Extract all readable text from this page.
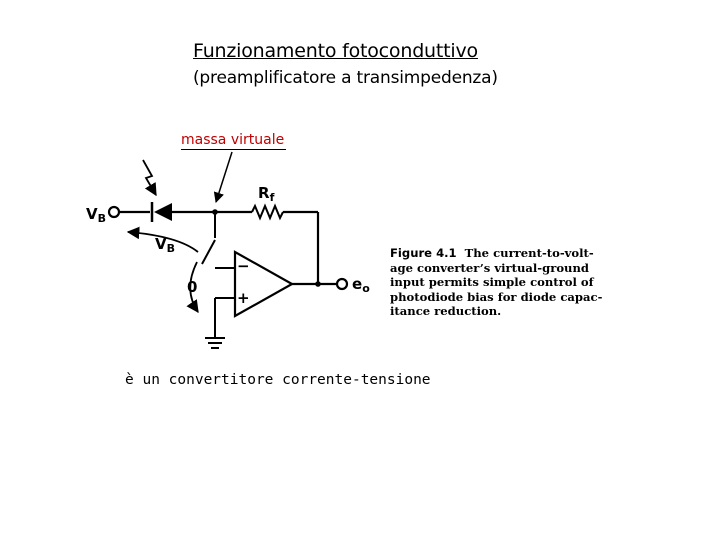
Funzionamento fotoconduttivo
(preamplificatore a transimpedenza)
massa virtuale
−
+
$V_B$
$V_B$
0
$R_f$
$e_o$
Figure 4.1 The current-to-volt-
age converter’s virtual-ground
input permits simple control of
photodiode bias for diode capac-
itance reduction.
è un convertitore corrente-tensione
